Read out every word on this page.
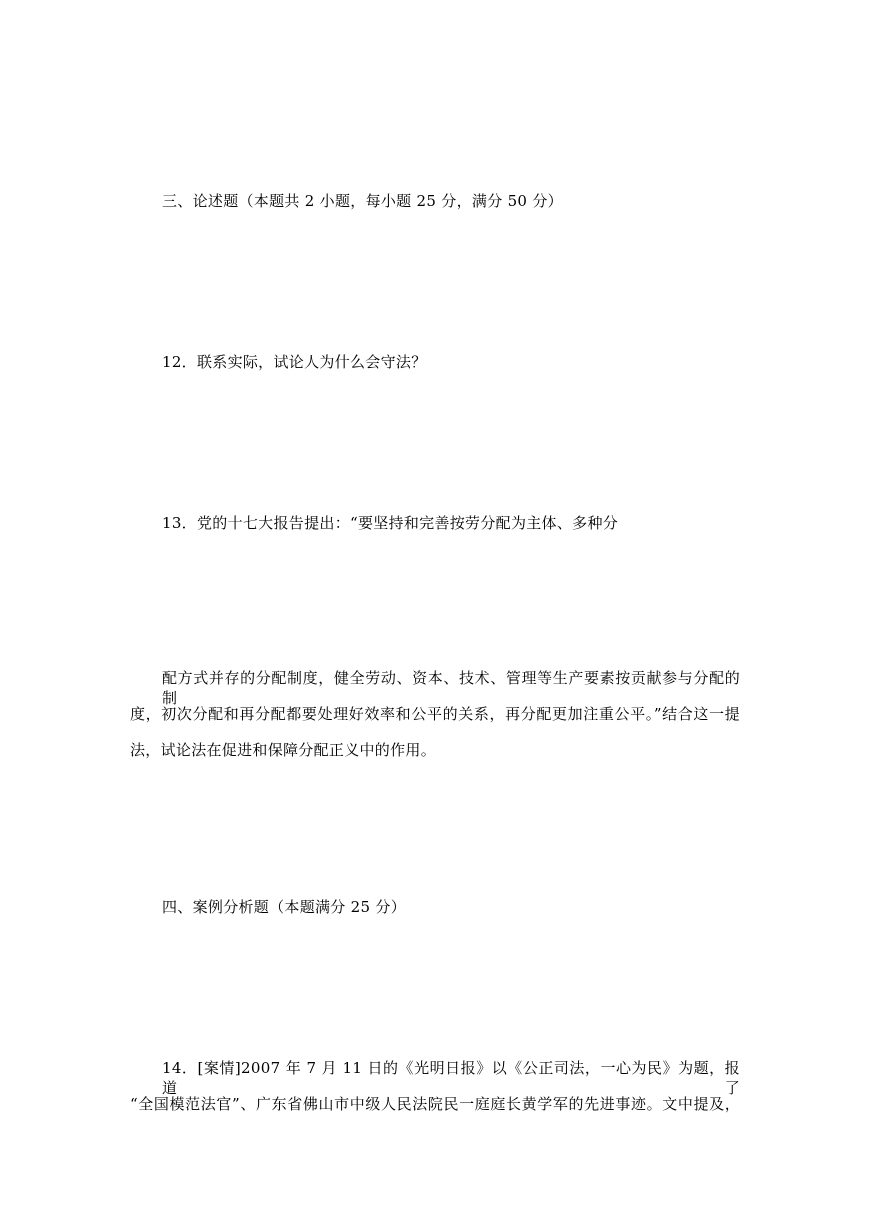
三、论述题（本题共 2 小题，每小题 25 分，满分 50 分）
12．联系实际，试论人为什么会守法？
13．党的十七大报告提出：“要坚持和完善按劳分配为主体、多种分
配方式并存的分配制度，健全劳动、资本、技术、管理等生产要素按贡献参与分配的制
度，初次分配和再分配都要处理好效率和公平的关系，再分配更加注重公平。”结合这一提
法，试论法在促进和保障分配正义中的作用。
四、案例分析题（本题满分 25 分）
14．[案情]2007 年 7 月 11 日的《光明日报》以《公正司法，一心为民》为题，报道了
“全国模范法官”、广东省佛山市中级人民法院民一庭庭长黄学军的先进事迹。文中提及，
